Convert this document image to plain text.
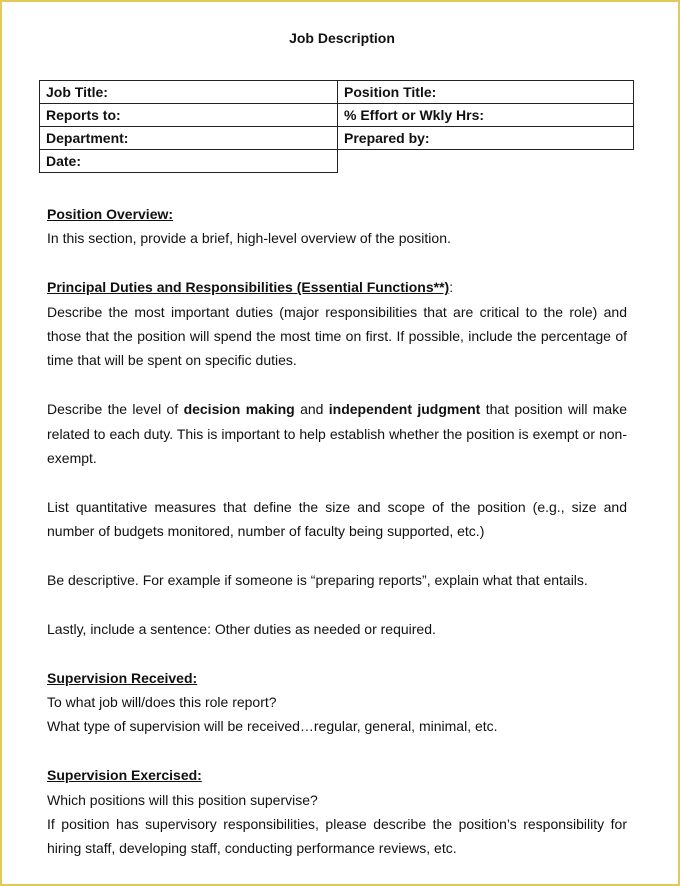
Job Description
Job Title:	Position Title:
Reports to:	% Effort or Wkly Hrs:
Department:	Prepared by:
Date:	
Position Overview:

In this section, provide a brief, high-level overview of the position.

Principal Duties and Responsibilities (Essential Functions**):

Describe the most important duties (major responsibilities that are critical to the role) and those that the position will spend the most time on first. If possible, include the percentage of time that will be spent on specific duties.

Describe the level of decision making and independent judgment that position will make related to each duty. This is important to help establish whether the position is exempt or non-exempt.

List quantitative measures that define the size and scope of the position (e.g., size and number of budgets monitored, number of faculty being supported, etc.)

Be descriptive. For example if someone is “preparing reports”, explain what that entails.

Lastly, include a sentence: Other duties as needed or required.

Supervision Received:

To what job will/does this role report?

What type of supervision will be received…regular, general, minimal, etc.

Supervision Exercised:

Which positions will this position supervise?

If position has supervisory responsibilities, please describe the position’s responsibility for hiring staff, developing staff, conducting performance reviews, etc.
